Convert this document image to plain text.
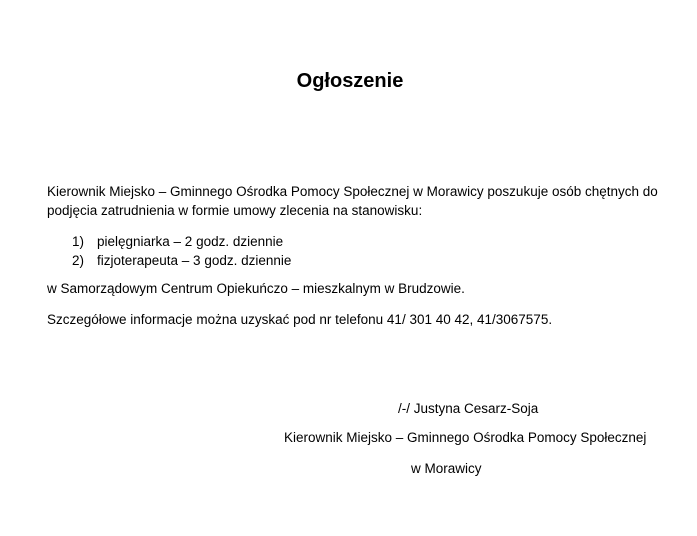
Ogłoszenie
Kierownik Miejsko – Gminnego Ośrodka Pomocy Społecznej w Morawicy poszukuje osób chętnych do podjęcia zatrudnienia w formie umowy zlecenia na stanowisku:
1) pielęgniarka – 2 godz. dziennie
2) fizjoterapeuta – 3 godz. dziennie
w Samorządowym Centrum Opiekuńczo – mieszkalnym w Brudzowie.
Szczegółowe informacje można uzyskać pod nr telefonu 41/ 301 40 42, 41/3067575.
/-/ Justyna Cesarz-Soja
Kierownik Miejsko – Gminnego Ośrodka Pomocy Społecznej
w Morawicy
